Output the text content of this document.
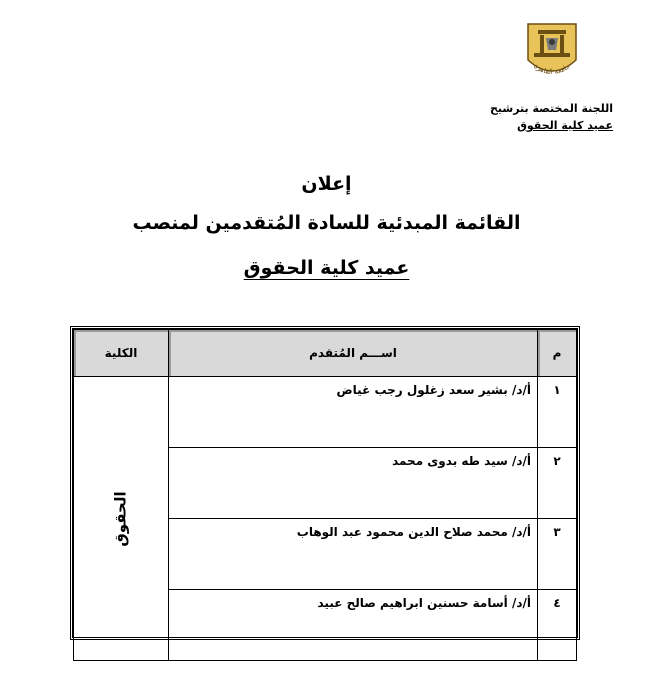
جامعة القاهرة
اللجنة المختصة بترشيح
عميد كلية الحقوق
إعلان
القائمة المبدئية للسادة المُتقدمين لمنصب
عميد كلية الحقوق
م	اســـم المُتقدم	الكلية
١	أ/د/ بشير سعد زغلول رجب غياض	الحقوق
٢	أ/د/ سيد طه بدوى محمد	
٣	أ/د/ محمد صلاح الدين محمود عبد الوهاب	
٤	أ/د/ أسامة حسنين ابراهيم صالح عبيد	
